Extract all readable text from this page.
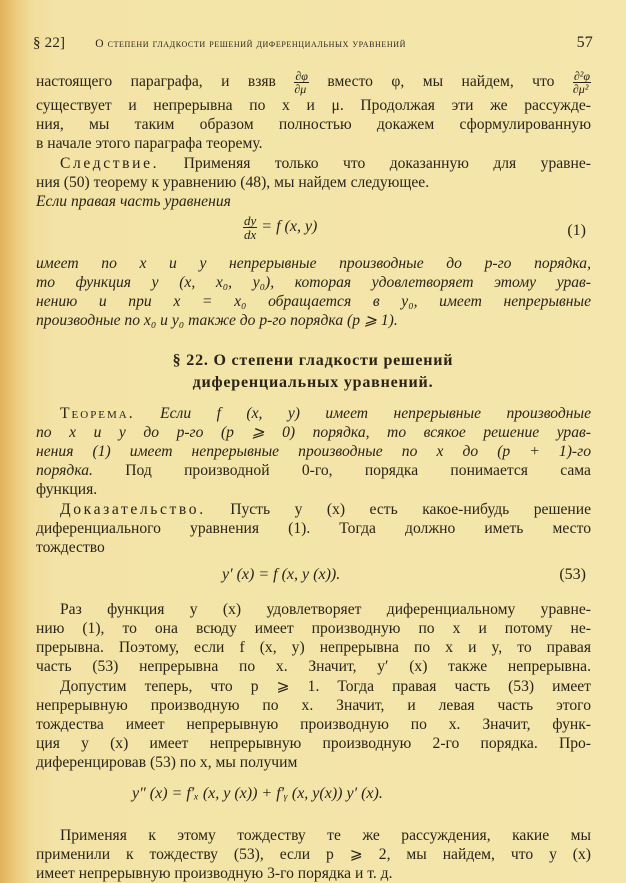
§ 22]	О степени гладкости решений диференциальных уравнений	57
настоящего параграфа, и взяв $\frac{\partial\varphi}{\partial\mu}$ вместо φ, мы найдем, что $\frac{\text{∂²φ}}{\text{∂μ²}}$
существует и непрерывна по x и μ. Продолжая эти же рассужде-
ния, мы таким образом полностью докажем сформулированную
в начале этого параграфа теорему.
Следствие. Применяя только что доказанную для уравне-
ния (50) теорему к уравнению (48), мы найдем следующее.
Если правая часть уравнения
$\frac{dy}{dx} = f$ (x, y)	(1)
имеет по x и y непрерывные производные до p-го порядка,
то функция y (x, x₀, y₀), которая удовлетворяет этому урав-
нению и при x = x₀ обращается в y₀, имеет непрерывные
производные по x₀ и y₀ также до p-го порядка (p ⩾ 1).
§ 22. О степени гладкости решений
диференциальных уравнений.
Теорема. Если f (x, y) имеет непрерывные производные
по x и y до p-го (p ⩾ 0) порядка, то всякое решение урав-
нения (1) имеет непрерывные производные по x до (p + 1)-го
порядка. Под производной 0-го, порядка понимается сама
функция.
Доказательство. Пусть y (x) есть какое-нибудь решение
диференциального уравнения (1). Тогда должно иметь место
тождество
y′ (x) = f (x, y (x)).	(53)
Раз функция y (x) удовлетворяет диференциальному уравне-
нию (1), то она всюду имеет производную по x и потому не-
прерывна. Поэтому, если f (x, y) непрерывна по x и y, то правая
часть (53) непрерывна по x. Значит, y′ (x) также непрерывна.
Допустим теперь, что p ⩾ 1. Тогда правая часть (53) имеет
непрерывную производную по x. Значит, и левая часть этого
тождества имеет непрерывную производную по x. Значит, функ-
ция y (x) имеет непрерывную производную 2-го порядка. Про-
диференцировав (53) по x, мы получим
y″ (x) = f′ₓ (x, y (x)) + f′ᵧ (x, y(x)) y′ (x).
Применяя к этому тождеству те же рассуждения, какие мы
применили к тождеству (53), если p ⩾ 2, мы найдем, что y (x)
имеет непрерывную производную 3-го порядка и т. д.
